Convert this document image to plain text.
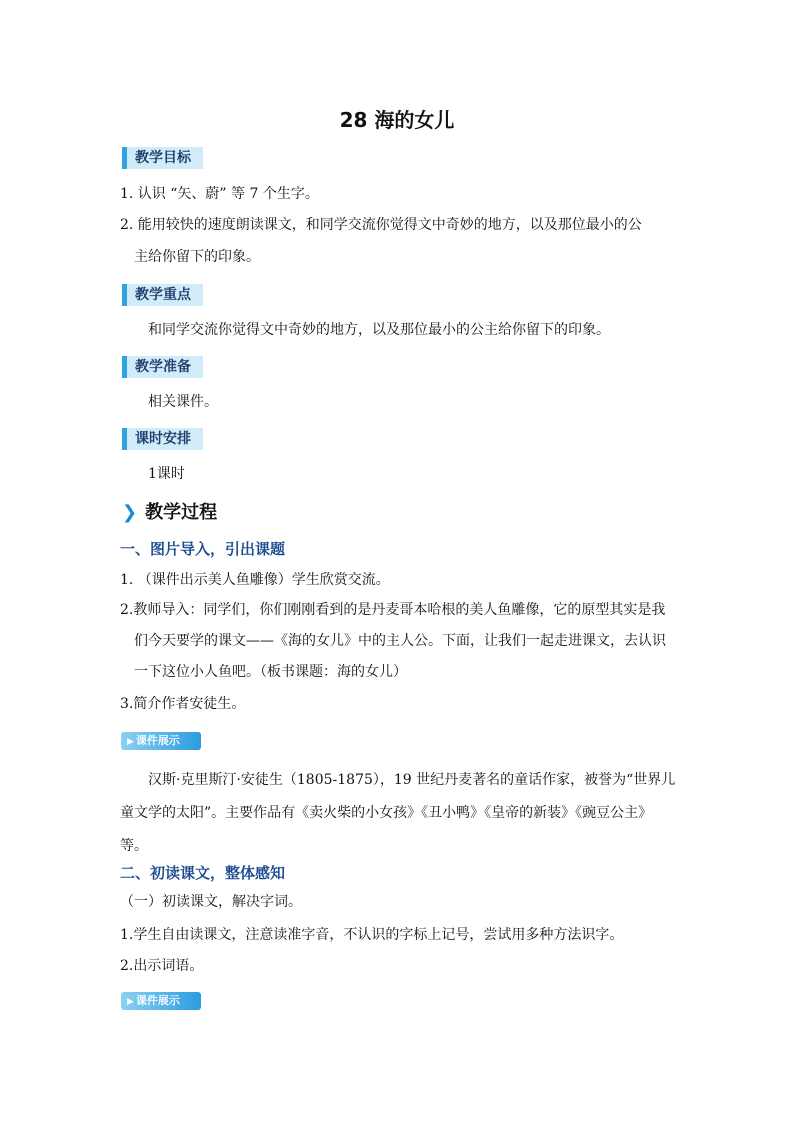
28 海的女儿
教学目标
1. 认识 “矢、蔚” 等 7 个生字。
2. 能用较快的速度朗读课文，和同学交流你觉得文中奇妙的地方，以及那位最小的公
主给你留下的印象。
教学重点
和同学交流你觉得文中奇妙的地方，以及那位最小的公主给你留下的印象。
教学准备
相关课件。
课时安排
1课时
❯ 教学过程
一、图片导入，引出课题
1. （课件出示美人鱼雕像）学生欣赏交流。
2.教师导入：同学们，你们刚刚看到的是丹麦哥本哈根的美人鱼雕像，它的原型其实是我
们今天要学的课文——《海的女儿》中的主人公。下面，让我们一起走进课文，去认识
一下这位小人鱼吧。（板书课题：海的女儿）
3.简介作者安徒生。
▶ 课件展示
汉斯·克里斯汀·安徒生（1805-1875），19 世纪丹麦著名的童话作家，被誉为“世界儿童文学的太阳”。主要作品有《卖火柴的小女孩》《丑小鸭》《皇帝的新装》《豌豆公主》等。
二、初读课文，整体感知
（一）初读课文，解决字词。
1.学生自由读课文，注意读准字音，不认识的字标上记号，尝试用多种方法识字。
2.出示词语。
▶ 课件展示
